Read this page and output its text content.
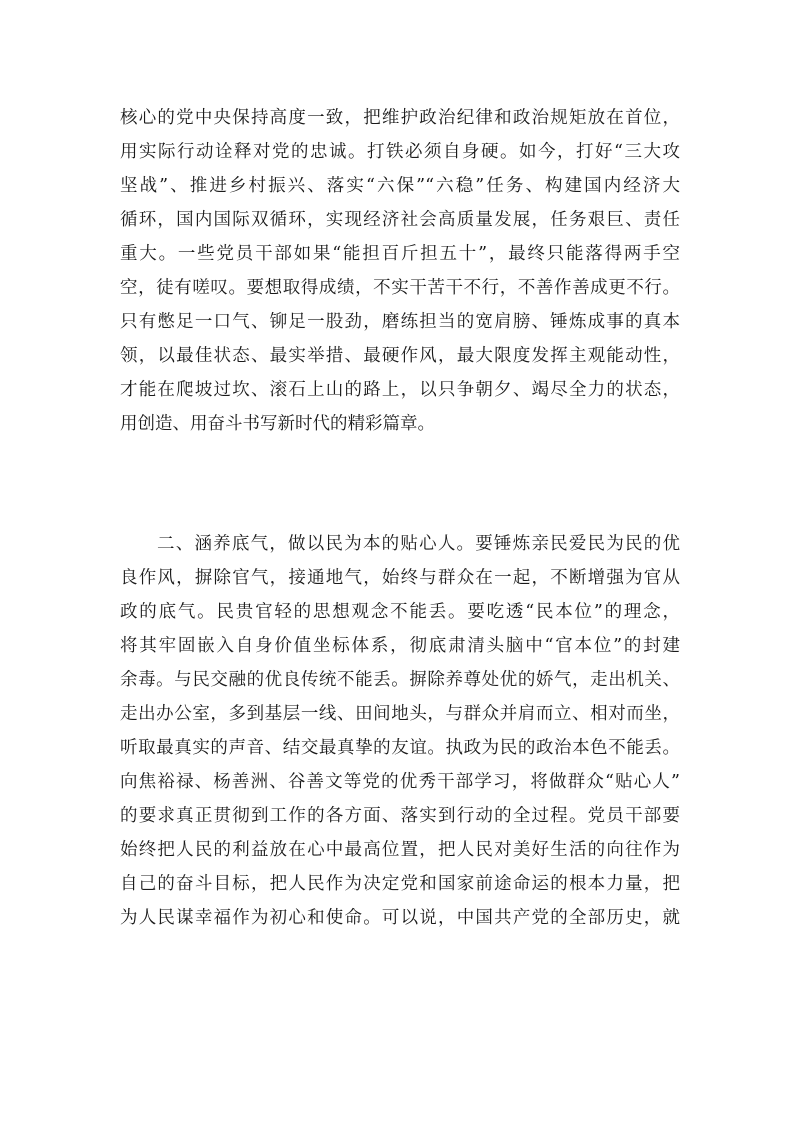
核心的党中央保持高度一致，把维护政治纪律和政治规矩放在首位，
用实际行动诠释对党的忠诚。打铁必须自身硬。如今，打好“三大攻
坚战”、推进乡村振兴、落实“六保”“六稳”任务、构建国内经济大
循环，国内国际双循环，实现经济社会高质量发展，任务艰巨、责任
重大。一些党员干部如果“能担百斤担五十”，最终只能落得两手空
空，徒有嗟叹。要想取得成绩，不实干苦干不行，不善作善成更不行。
只有憋足一口气、铆足一股劲，磨练担当的宽肩膀、锤炼成事的真本
领，以最佳状态、最实举措、最硬作风，最大限度发挥主观能动性，
才能在爬坡过坎、滚石上山的路上，以只争朝夕、竭尽全力的状态，
用创造、用奋斗书写新时代的精彩篇章。
二、涵养底气，做以民为本的贴心人。要锤炼亲民爱民为民的优
良作风，摒除官气，接通地气，始终与群众在一起，不断增强为官从
政的底气。民贵官轻的思想观念不能丢。要吃透“民本位”的理念，
将其牢固嵌入自身价值坐标体系，彻底肃清头脑中“官本位”的封建
余毒。与民交融的优良传统不能丢。摒除养尊处优的娇气，走出机关、
走出办公室，多到基层一线、田间地头，与群众并肩而立、相对而坐，
听取最真实的声音、结交最真挚的友谊。执政为民的政治本色不能丢。
向焦裕禄、杨善洲、谷善文等党的优秀干部学习，将做群众“贴心人”
的要求真正贯彻到工作的各方面、落实到行动的全过程。党员干部要
始终把人民的利益放在心中最高位置，把人民对美好生活的向往作为
自己的奋斗目标，把人民作为决定党和国家前途命运的根本力量，把
为人民谋幸福作为初心和使命。可以说，中国共产党的全部历史，就
